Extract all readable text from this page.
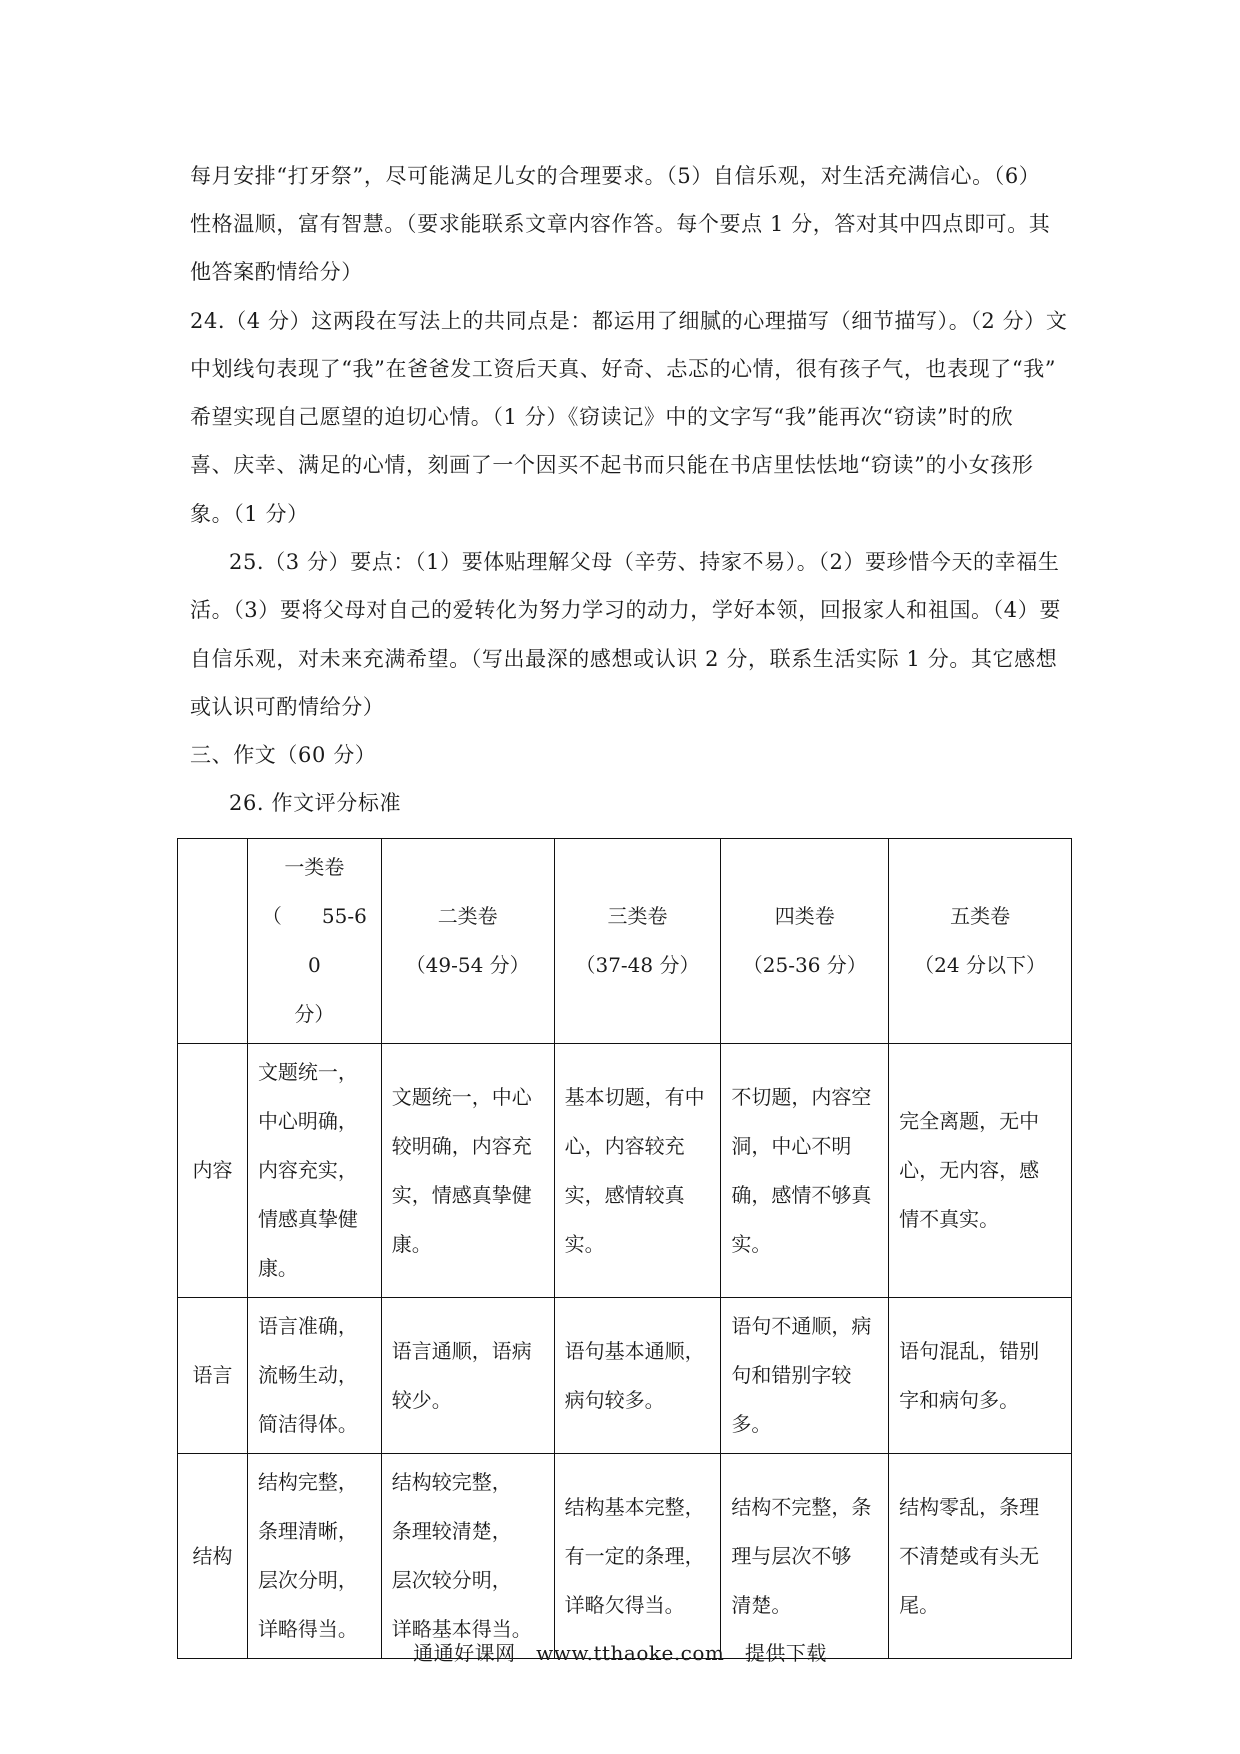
每月安排“打牙祭”，尽可能满足儿女的合理要求。（5）自信乐观，对生活充满信心。（6）
性格温顺，富有智慧。（要求能联系文章内容作答。每个要点 1 分，答对其中四点即可。其
他答案酌情给分）
24.（4 分）这两段在写法上的共同点是：都运用了细腻的心理描写（细节描写）。（2 分）文
中划线句表现了“我”在爸爸发工资后天真、好奇、忐忑的心情，很有孩子气，也表现了“我”
希望实现自己愿望的迫切心情。（1 分）《窃读记》中的文字写“我”能再次“窃读”时的欣
喜、庆幸、满足的心情，刻画了一个因买不起书而只能在书店里怯怯地“窃读”的小女孩形
象。（1 分）
25.（3 分）要点：（1）要体贴理解父母（辛劳、持家不易）。（2）要珍惜今天的幸福生
活。（3）要将父母对自己的爱转化为努力学习的动力，学好本领，回报家人和祖国。（4）要
自信乐观，对未来充满希望。（写出最深的感想或认识 2 分，联系生活实际 1 分。其它感想
或认识可酌情给分）
三、作文（60 分）
26. 作文评分标准
	一类卷
（　　55-60
分）	二类卷
（49-54 分）	三类卷
（37-48 分）	四类卷
（25-36 分）	五类卷
（24 分以下）
内容	文题统一，
中心明确，
内容充实，
情感真挚健
康。	文题统一，中心
较明确，内容充
实，情感真挚健
康。	基本切题，有中
心，内容较充
实，感情较真
实。	不切题，内容空
洞，中心不明
确，感情不够真
实。	完全离题，无中
心，无内容，感
情不真实。
语言	语言准确，
流畅生动，
简洁得体。	语言通顺，语病
较少。	语句基本通顺，
病句较多。	语句不通顺，病
句和错别字较
多。	语句混乱，错别
字和病句多。
结构	结构完整，
条理清晰，
层次分明，
详略得当。	结构较完整，
条理较清楚，
层次较分明，
详略基本得当。	结构基本完整，
有一定的条理，
详略欠得当。	结构不完整，条
理与层次不够
清楚。	结构零乱，条理
不清楚或有头无
尾。
通通好课网　www.tthaoke.com　提供下载
